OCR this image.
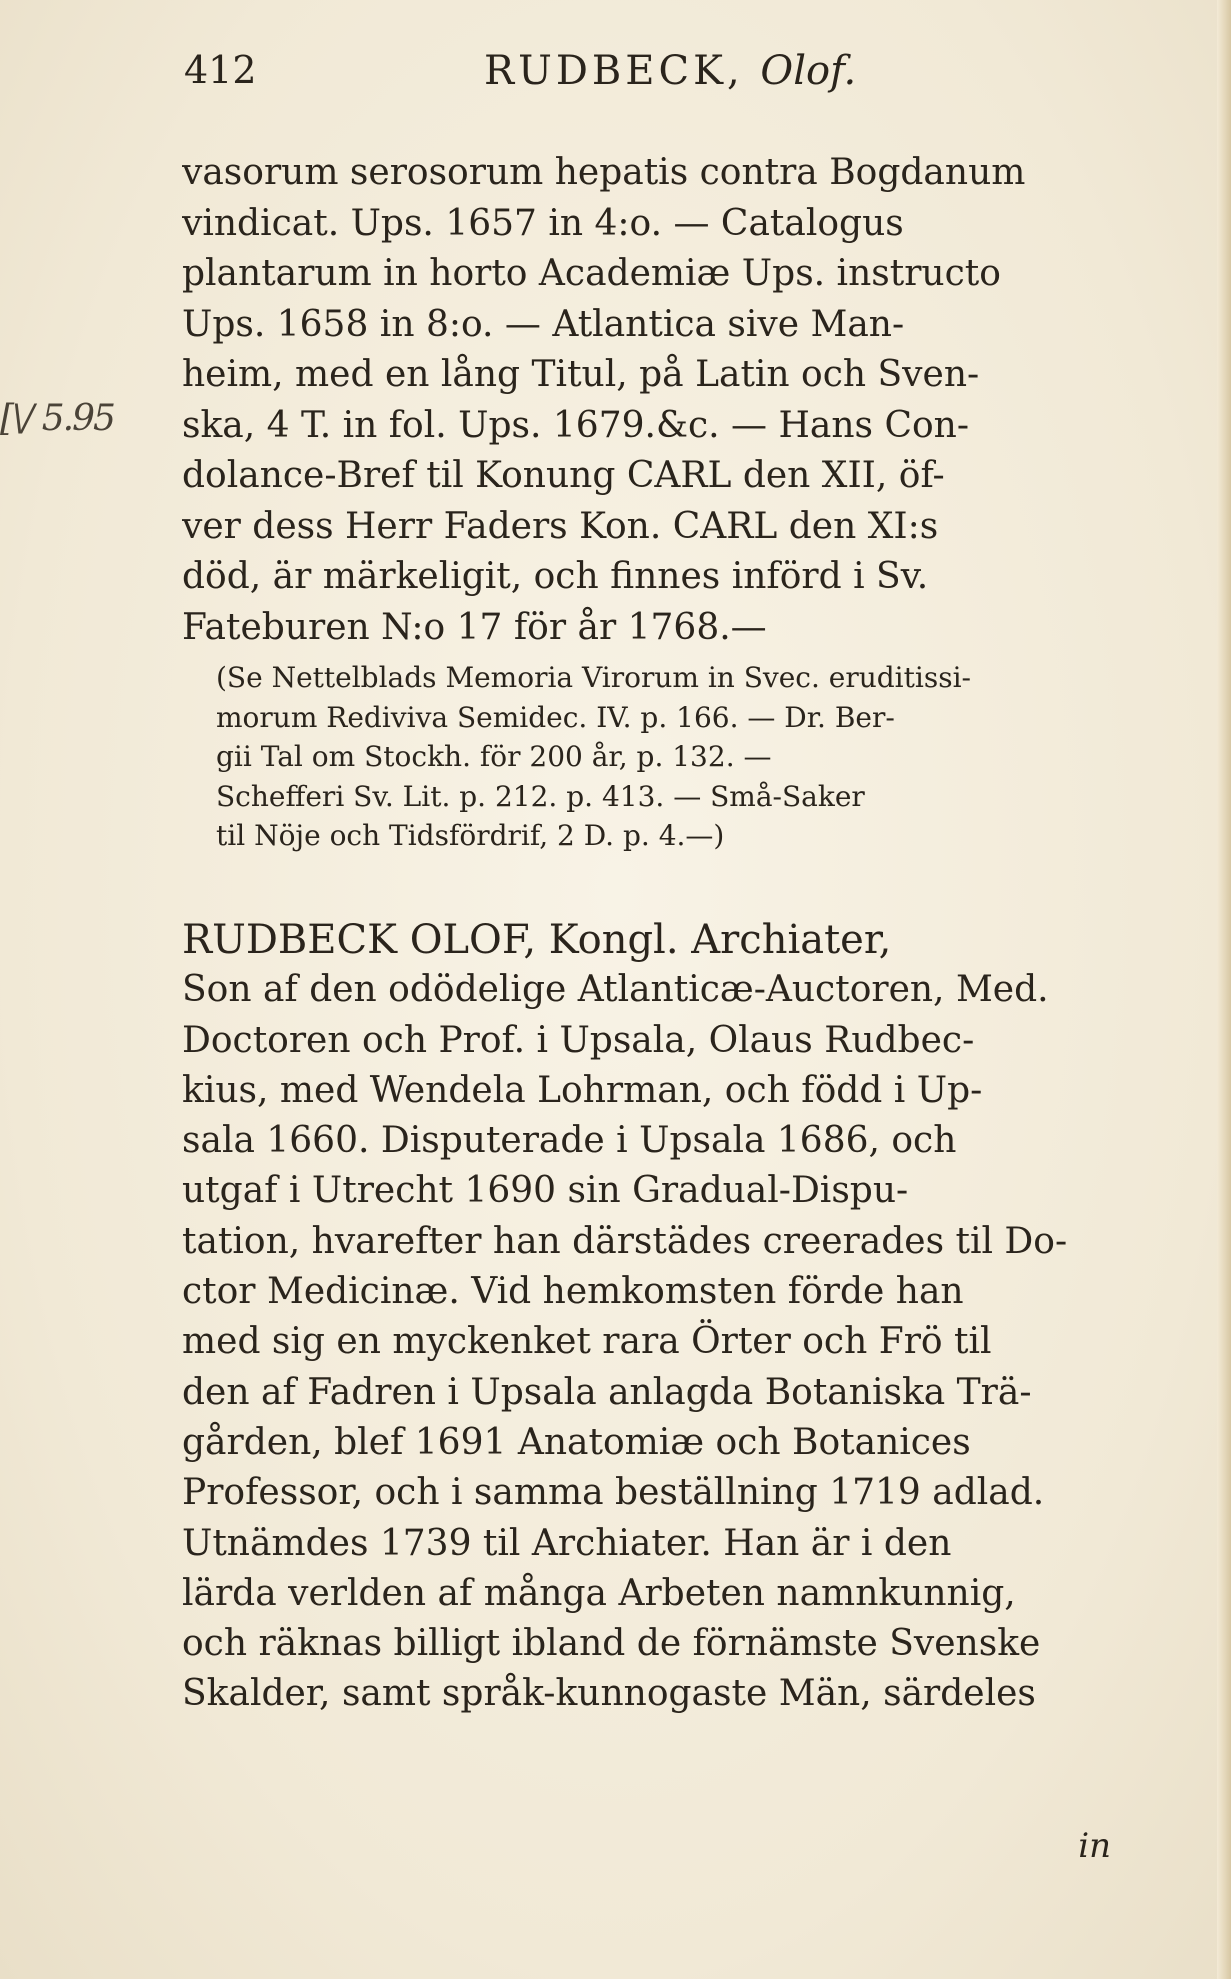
412	RUDBECK, Olof.
[\/ 5.95
vasorum serosorum hepatis contra Bogdanum
vindicat. Ups. 1657 in 4:o. — Catalogus
plantarum in horto Academiæ Ups. instructo
Ups. 1658 in 8:o. — Atlantica sive Man-
heim, med en lång Titul, på Latin och Sven-
ska, 4 T. in fol. Ups. 1679.&c. — Hans Con-
dolance-Bref til Konung CARL den XII, öf-
ver dess Herr Faders Kon. CARL den XI:s
död, är märkeligit, och finnes införd i Sv.
Fateburen N:o 17 för år 1768.—
(Se Nettelblads Memoria Virorum in Svec. eruditissi-
morum Rediviva Semidec. IV. p. 166. — Dr. Ber-
gii Tal om Stockh. för 200 år, p. 132. —
Schefferi Sv. Lit. p. 212. p. 413. — Små-Saker
til Nöje och Tidsfördrif, 2 D. p. 4.—)
RUDBECK OLOF, Kongl. Archiater,
Son af den odödelige Atlanticæ-Auctoren, Med.
Doctoren och Prof. i Upsala, Olaus Rudbec-
kius, med Wendela Lohrman, och född i Up-
sala 1660. Disputerade i Upsala 1686, och
utgaf i Utrecht 1690 sin Gradual-Dispu-
tation, hvarefter han därstädes creerades til Do-
ctor Medicinæ. Vid hemkomsten förde han
med sig en myckenket rara Örter och Frö til
den af Fadren i Upsala anlagda Botaniska Trä-
gården, blef 1691 Anatomiæ och Botanices
Professor, och i samma beställning 1719 adlad.
Utnämdes 1739 til Archiater. Han är i den
lärda verlden af många Arbeten namnkunnig,
och räknas billigt ibland de förnämste Svenske
Skalder, samt språk-kunnogaste Män, särdeles
in
